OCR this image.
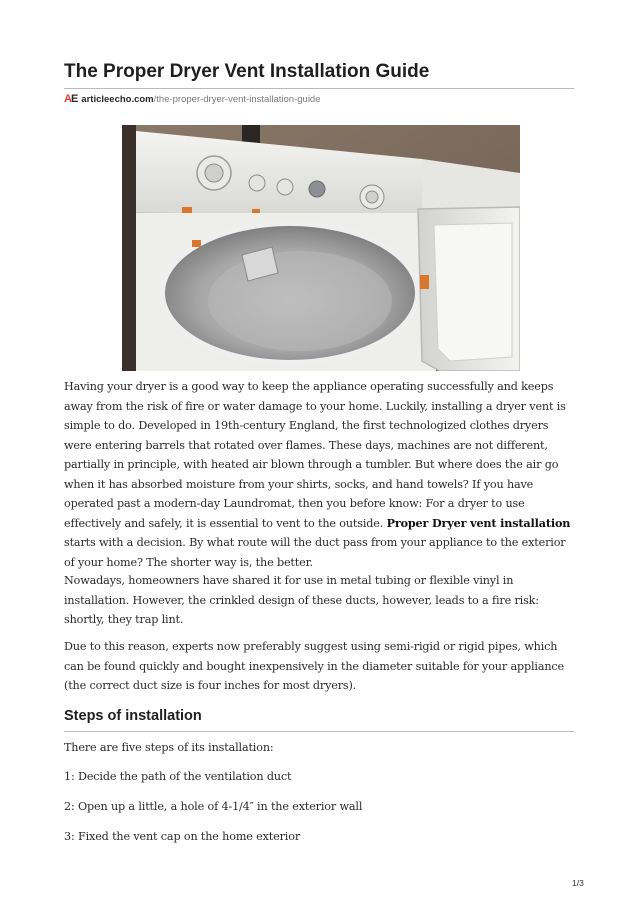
The Proper Dryer Vent Installation Guide
AE articleecho.com/the-proper-dryer-vent-installation-guide

Having your dryer is a good way to keep the appliance operating successfully and keeps away from the risk of fire or water damage to your home. Luckily, installing a dryer vent is simple to do. Developed in 19th-century England, the first technologized clothes dryers were entering barrels that rotated over flames. These days, machines are not different, partially in principle, with heated air blown through a tumbler. But where does the air go when it has absorbed moisture from your shirts, socks, and hand towels? If you have operated past a modern-day Laundromat, then you before know: For a dryer to use effectively and safely, it is essential to vent to the outside. Proper Dryer vent installation starts with a decision. By what route will the duct pass from your appliance to the exterior of your home? The shorter way is, the better.

Nowadays, homeowners have shared it for use in metal tubing or flexible vinyl in installation. However, the crinkled design of these ducts, however, leads to a fire risk: shortly, they trap lint.

Due to this reason, experts now preferably suggest using semi-rigid or rigid pipes, which can be found quickly and bought inexpensively in the diameter suitable for your appliance (the correct duct size is four inches for most dryers).

Steps of installation

There are five steps of its installation:

1: Decide the path of the ventilation duct

2: Open up a little, a hole of 4-1/4″ in the exterior wall

3: Fixed the vent cap on the home exterior

1/3
